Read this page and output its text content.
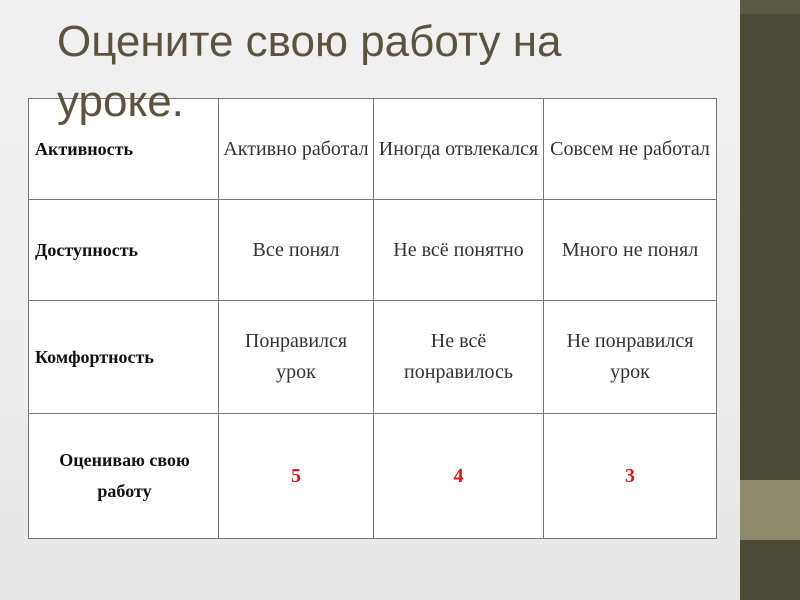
Оцените свою работу на уроке.
Активность	Активно работал	Иногда отвлекался	Совсем не работал
Доступность	Все понял	Не всё понятно	Много не понял
Комфортность	Понравился урок	Не всё понравилось	Не понравился урок
Оцениваю свою работу	5	4	3
